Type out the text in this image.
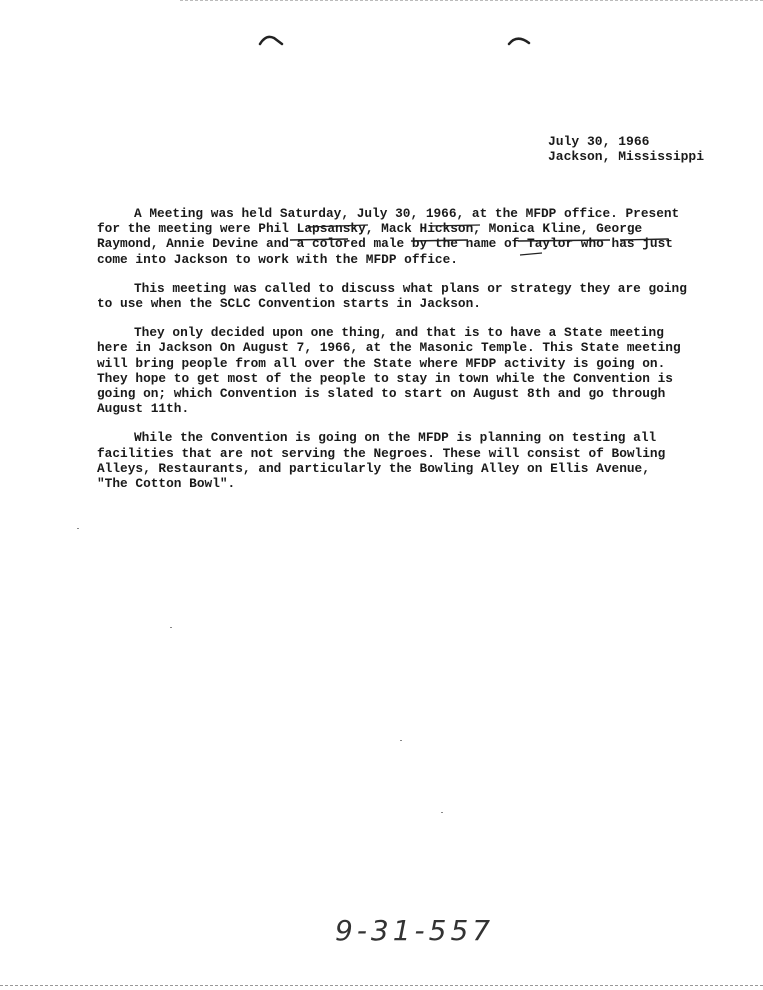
July 30, 1966
Jackson, Mississippi

A Meeting was held Saturday, July 30, 1966, at the MFDP office. Present for the meeting were Phil Lapsansky, Mack Hickson, Monica Kline, George Raymond, Annie Devine and a colored male by the name of Taylor who has just come into Jackson to work with the MFDP office.

This meeting was called to discuss what plans or strategy they are going to use when the SCLC Convention starts in Jackson.

They only decided upon one thing, and that is to have a State meeting here in Jackson On August 7, 1966, at the Masonic Temple. This State meeting will bring people from all over the State where MFDP activity is going on. They hope to get most of the people to stay in town while the Convention is going on; which Convention is slated to start on August 8th and go through August 11th.

While the Convention is going on the MFDP is planning on testing all facilities that are not serving the Negroes. These will consist of Bowling Alleys, Restaurants, and particularly the Bowling Alley on Ellis Avenue, "The Cotton Bowl".

9-31-557
